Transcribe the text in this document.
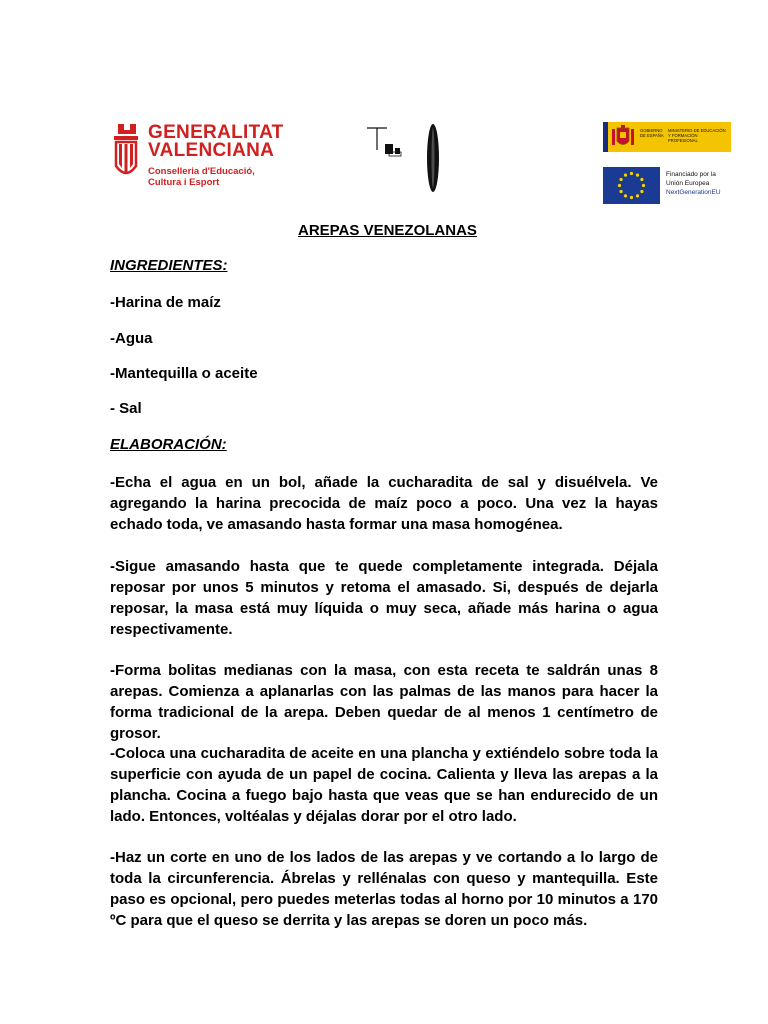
GENERALITAT
VALENCIANA
Conselleria d'Educació,
Cultura i Esport
GOBIERNO DE ESPAÑA
MINISTERIO DE EDUCACIÓN Y FORMACIÓN PROFESIONAL
Financiado por la
Unión Europea
NextGenerationEU
AREPAS VENEZOLANAS
INGREDIENTES:
-Harina de maíz
-Agua
-Mantequilla o aceite
- Sal
ELABORACIÓN:
-Echa el agua en un bol, añade la cucharadita de sal y disuélvela. Ve agregando la harina precocida de maíz poco a poco. Una vez la hayas echado toda, ve amasando hasta formar una masa homogénea.
-Sigue amasando hasta que te quede completamente integrada. Déjala reposar por unos 5 minutos y retoma el amasado. Si, después de dejarla reposar, la masa está muy líquida o muy seca, añade más harina o agua respectivamente.
-Forma bolitas medianas con la masa, con esta receta te saldrán unas 8 arepas. Comienza a aplanarlas con las palmas de las manos para hacer la forma tradicional de la arepa. Deben quedar de al menos 1 centímetro de grosor.
-Coloca una cucharadita de aceite en una plancha y extiéndelo sobre toda la superficie con ayuda de un papel de cocina. Calienta y lleva las arepas a la plancha. Cocina a fuego bajo hasta que veas que se han endurecido de un lado. Entonces, voltéalas y déjalas dorar por el otro lado.
-Haz un corte en uno de los lados de las arepas y ve cortando a lo largo de toda la circunferencia. Ábrelas y rellénalas con queso y mantequilla. Este paso es opcional, pero puedes meterlas todas al horno por 10 minutos a 170 ºC para que el queso se derrita y las arepas se doren un poco más.
